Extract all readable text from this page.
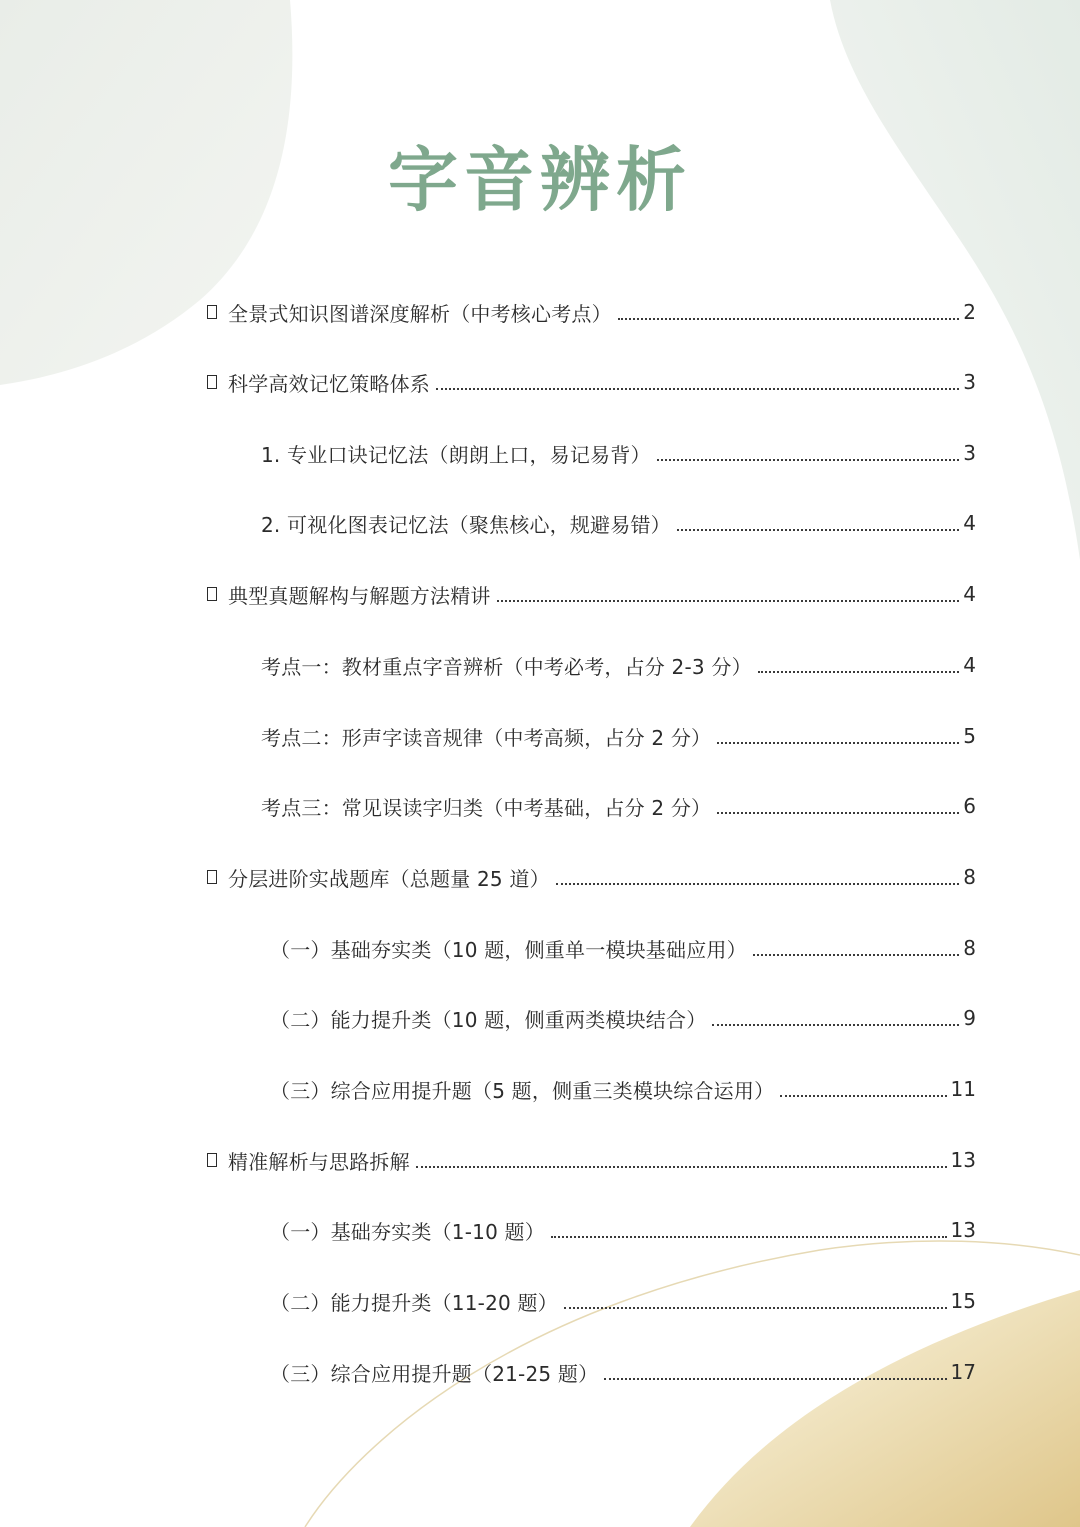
字音辨析
全景式知识图谱深度解析（中考核心考点）	2
科学高效记忆策略体系	3
1. 专业口诀记忆法（朗朗上口，易记易背）	3
2. 可视化图表记忆法（聚焦核心，规避易错）	4
典型真题解构与解题方法精讲	4
考点一：教材重点字音辨析（中考必考，占分 2-3 分）	4
考点二：形声字读音规律（中考高频，占分 2 分）	5
考点三：常见误读字归类（中考基础，占分 2 分）	6
分层进阶实战题库（总题量 25 道）	8
（一）基础夯实类（10 题，侧重单一模块基础应用）	8
（二）能力提升类（10 题，侧重两类模块结合）	9
（三）综合应用提升题（5 题，侧重三类模块综合运用）	11
精准解析与思路拆解	13
（一）基础夯实类（1-10 题）	13
（二）能力提升类（11-20 题）	15
（三）综合应用提升题（21-25 题）	17
